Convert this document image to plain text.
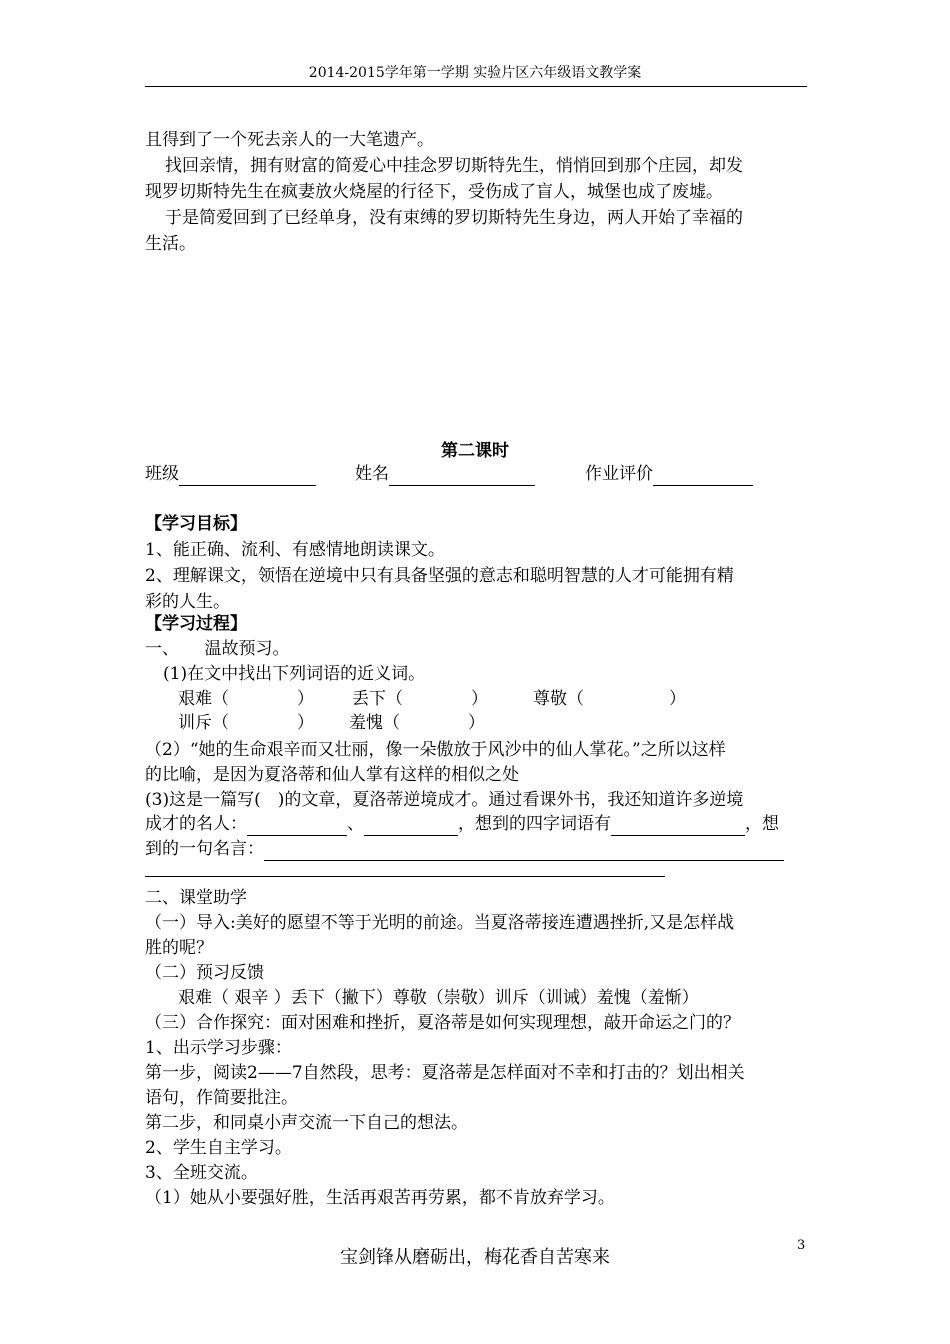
2014-2015学年第一学期 实验片区六年级语文教学案
且得到了一个死去亲人的一大笔遗产。
找回亲情，拥有财富的简爱心中挂念罗切斯特先生，悄悄回到那个庄园，却发
现罗切斯特先生在疯妻放火烧屋的行径下，受伤成了盲人，城堡也成了废墟。
于是简爱回到了已经单身，没有束缚的罗切斯特先生身边，两人开始了幸福的
生活。
第二课时
班级	姓名	作业评价
【学习目标】
1、能正确、流利、有感情地朗读课文。
2、理解课文，领悟在逆境中只有具备坚强的意志和聪明智慧的人才可能拥有精
彩的人生。
【学习过程】
一、　　温故预习。
(1)在文中找出下列词语的近义词。
艰难（　　　　） 丢下（　　　　）	尊敬（　　　　　）
训斥（　　　　） 羞愧（　　　　）
（2）“她的生命艰辛而又壮丽，像一朵傲放于风沙中的仙人掌花。”之所以这样
的比喻，是因为夏洛蒂和仙人掌有这样的相似之处
(3)这是一篇写(　)的文章，夏洛蒂逆境成才。通过看课外书，我还知道许多逆境
成才的名人：	、	，想到的四字词语有	，想
到的一句名言：
二、课堂助学
（一）导入:美好的愿望不等于光明的前途。当夏洛蒂接连遭遇挫折,又是怎样战
胜的呢？
（二）预习反馈
艰难（ 艰辛 ）丢下（撇下）尊敬（崇敬）训斥（训诫）羞愧（羞惭）
（三）合作探究：面对困难和挫折，夏洛蒂是如何实现理想，敲开命运之门的？
1、出示学习步骤：
第一步，阅读2——7自然段，思考：夏洛蒂是怎样面对不幸和打击的？划出相关
语句，作简要批注。
第二步，和同桌小声交流一下自己的想法。
2、学生自主学习。
3、全班交流。
（1）她从小要强好胜，生活再艰苦再劳累，都不肯放弃学习。
宝剑锋从磨砺出，梅花香自苦寒来
3
